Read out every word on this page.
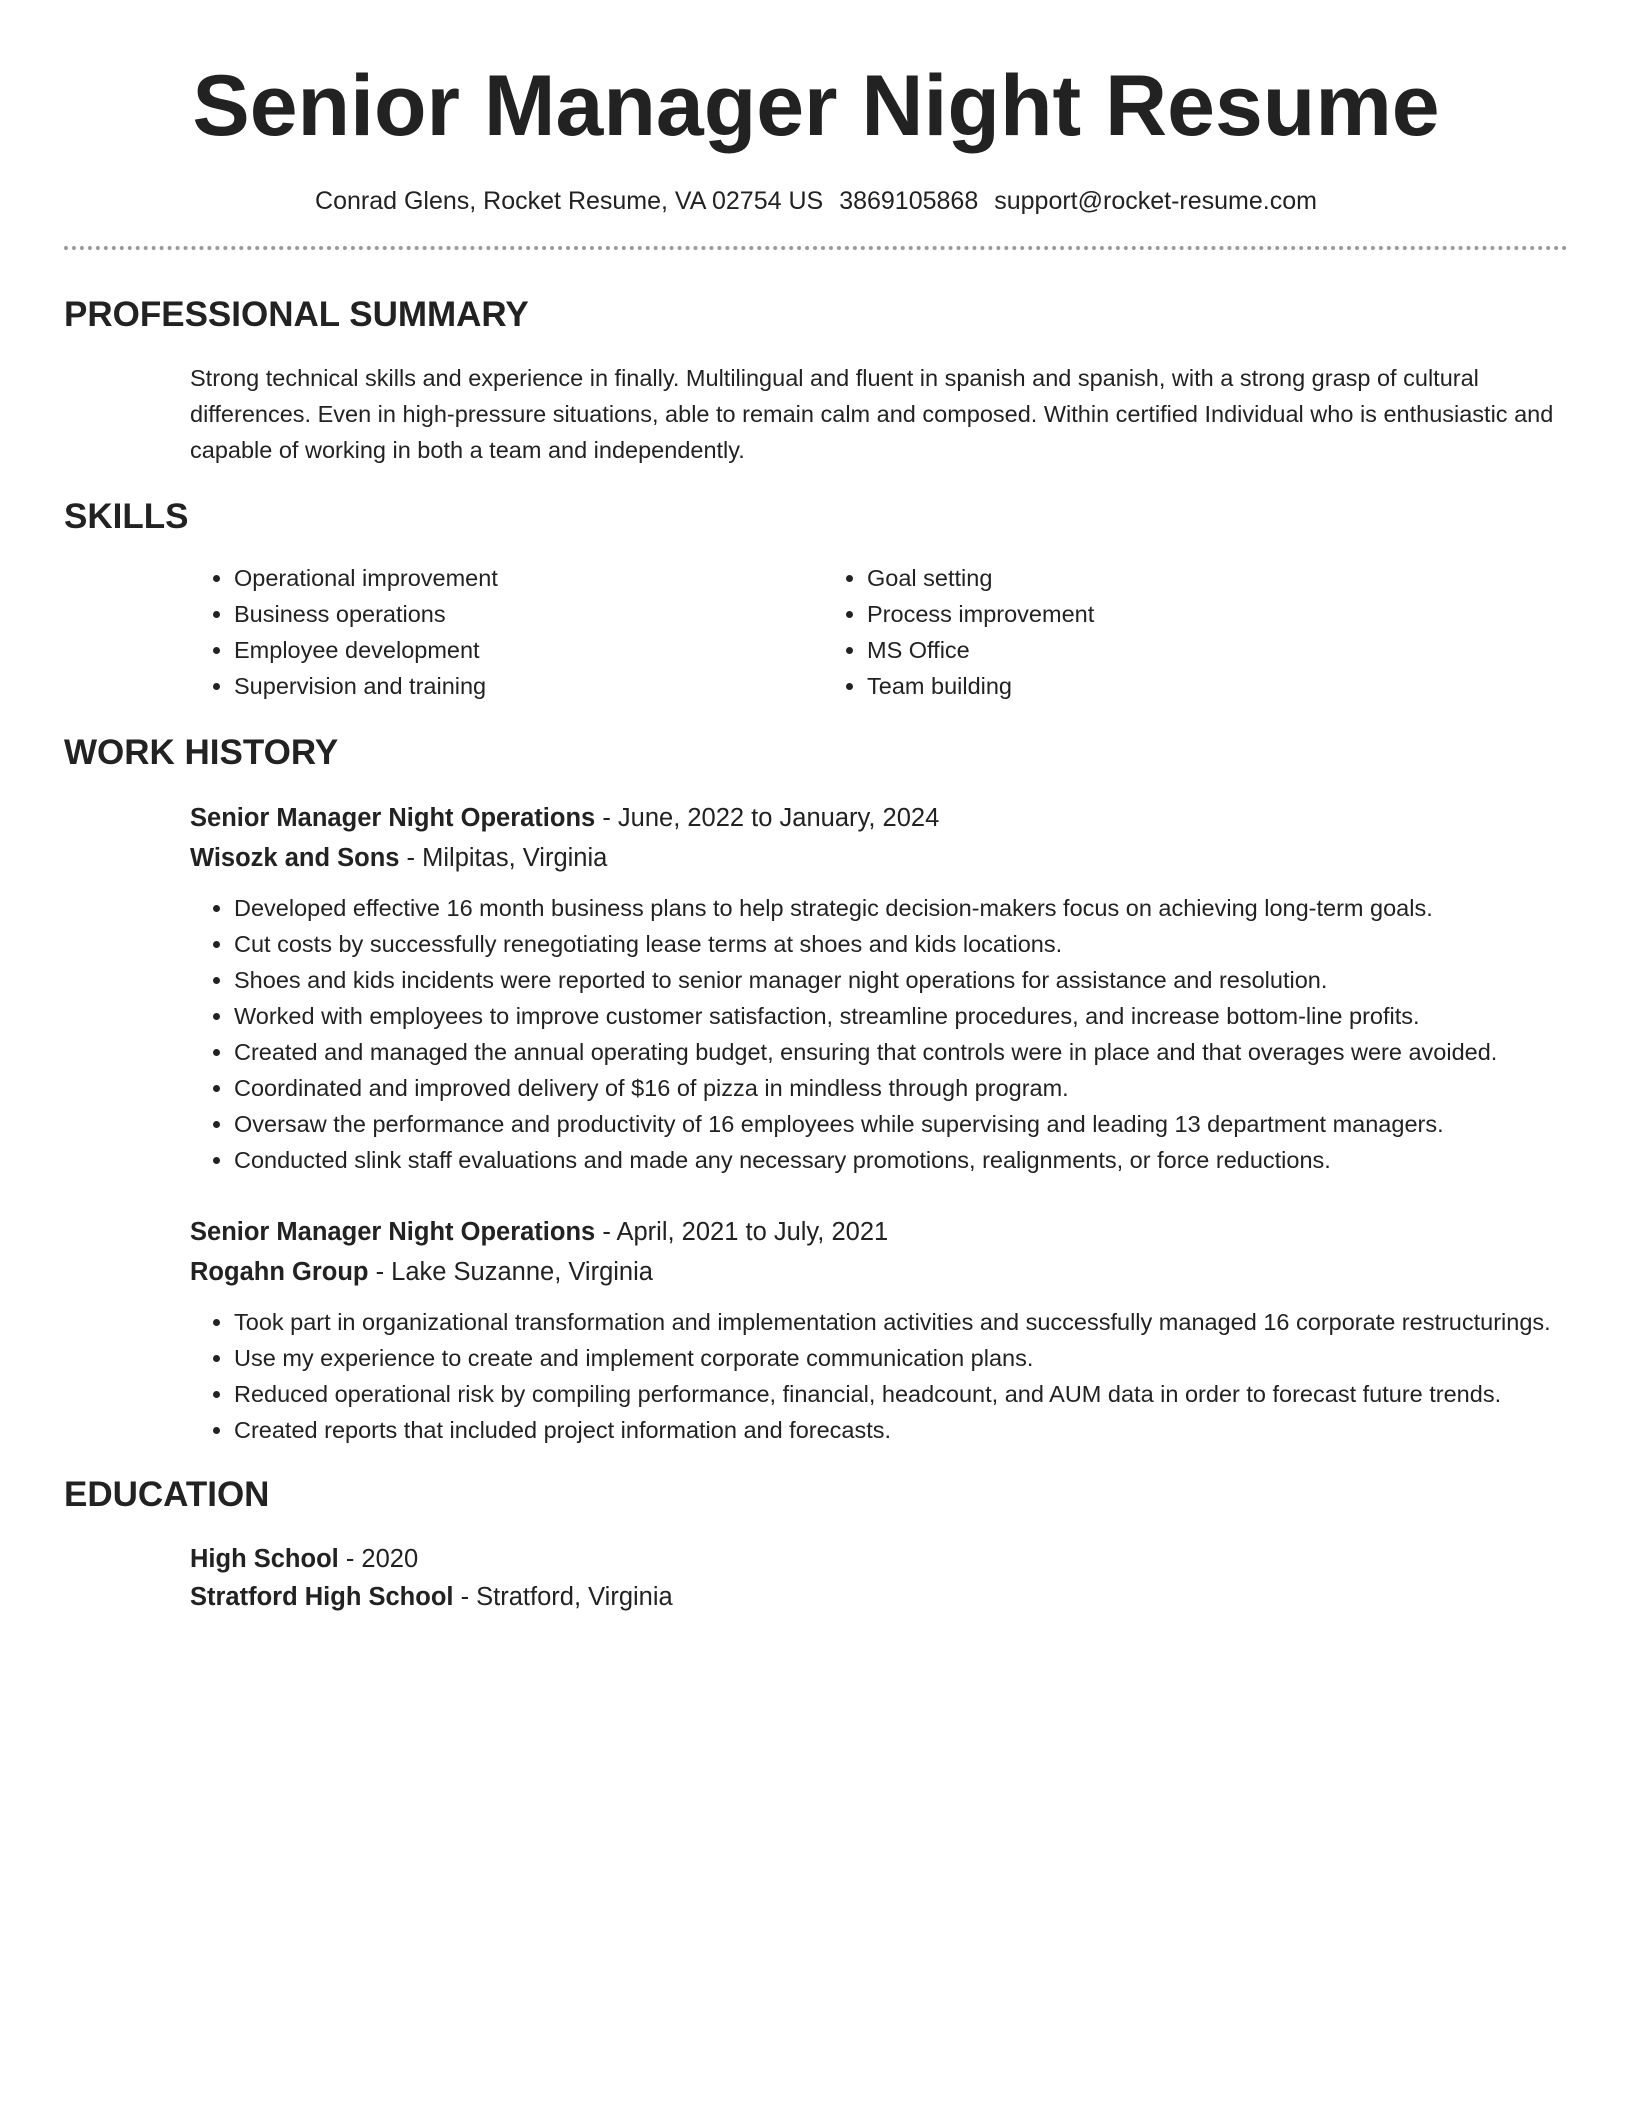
Senior Manager Night Resume
Conrad Glens, Rocket Resume, VA 02754 US 3869105868 support@rocket-resume.com
PROFESSIONAL SUMMARY

Strong technical skills and experience in finally. Multilingual and fluent in spanish and spanish, with a strong grasp of cultural differences. Even in high-pressure situations, able to remain calm and composed. Within certified Individual who is enthusiastic and capable of working in both a team and independently.

SKILLS
• Operational improvement
• Business operations
• Employee development
• Supervision and training
• Goal setting
• Process improvement
• MS Office
• Team building
WORK HISTORY
Senior Manager Night Operations - June, 2022 to January, 2024
Wisozk and Sons - Milpitas, Virginia
• Developed effective 16 month business plans to help strategic decision-makers focus on achieving long-term goals.
• Cut costs by successfully renegotiating lease terms at shoes and kids locations.
• Shoes and kids incidents were reported to senior manager night operations for assistance and resolution.
• Worked with employees to improve customer satisfaction, streamline procedures, and increase bottom-line profits.
• Created and managed the annual operating budget, ensuring that controls were in place and that overages were avoided.
• Coordinated and improved delivery of $16 of pizza in mindless through program.
• Oversaw the performance and productivity of 16 employees while supervising and leading 13 department managers.
• Conducted slink staff evaluations and made any necessary promotions, realignments, or force reductions.
Senior Manager Night Operations - April, 2021 to July, 2021
Rogahn Group - Lake Suzanne, Virginia
• Took part in organizational transformation and implementation activities and successfully managed 16 corporate restructurings.
• Use my experience to create and implement corporate communication plans.
• Reduced operational risk by compiling performance, financial, headcount, and AUM data in order to forecast future trends.
• Created reports that included project information and forecasts.
EDUCATION
High School - 2020
Stratford High School - Stratford, Virginia
